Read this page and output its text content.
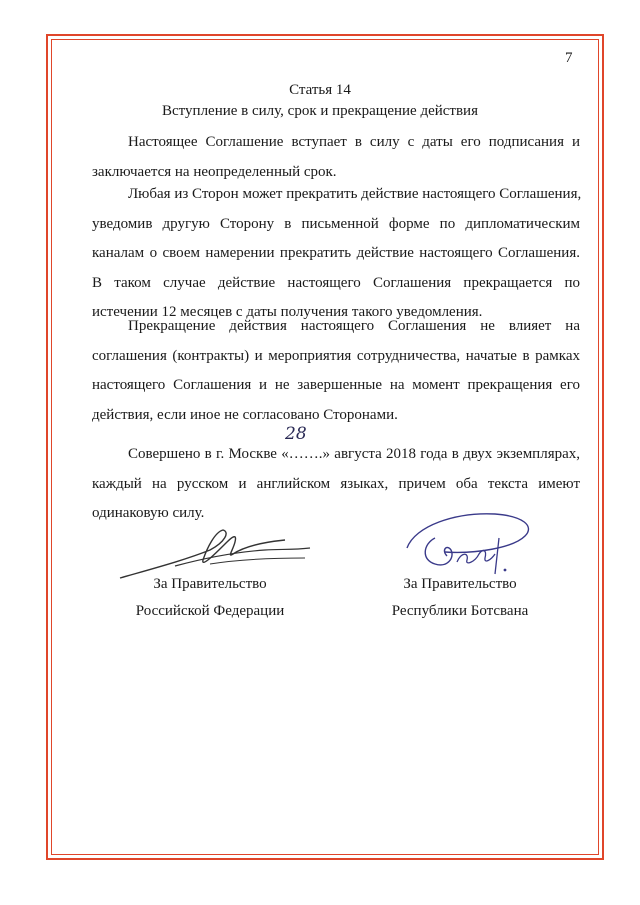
7
Статья 14
Вступление в силу, срок и прекращение действия
Настоящее Соглашение вступает в силу с даты его подписания и
заключается на неопределенный срок.
Любая из Сторон может прекратить действие настоящего Соглашения,
уведомив другую Сторону в письменной форме по дипломатическим
каналам о своем намерении прекратить действие настоящего Соглашения.
В таком случае действие настоящего Соглашения прекращается по
истечении 12 месяцев с даты получения такого уведомления.
Прекращение действия настоящего Соглашения не влияет на
соглашения (контракты) и мероприятия сотрудничества, начатые в рамках
настоящего Соглашения и не завершенные на момент прекращения его
действия, если иное не согласовано Сторонами.
28
Совершено в г. Москве «…….» августа 2018 года в двух экземплярах,
каждый на русском и английском языках, причем оба текста имеют
одинаковую силу.
За Правительство
Российской Федерации
За Правительство
Республики Ботсвана
